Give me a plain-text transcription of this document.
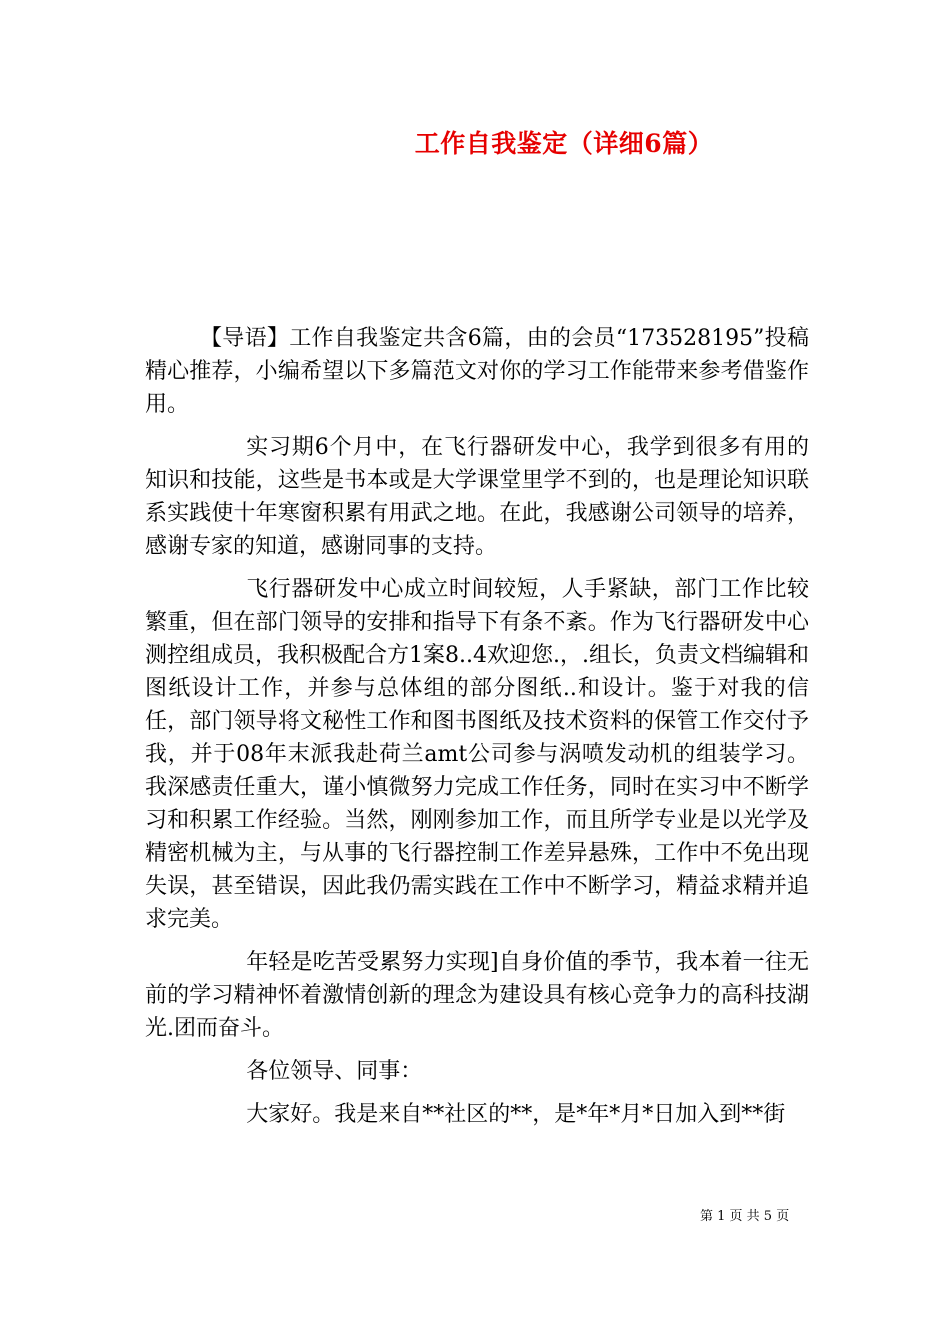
工作自我鉴定（详细6篇）

【导语】工作自我鉴定共含6篇，由的会员“173528195”投稿精心推荐，小编希望以下多篇范文对你的学习工作能带来参考借鉴作用。

实习期6个月中，在飞行器研发中心，我学到很多有用的知识和技能，这些是书本或是大学课堂里学不到的，也是理论知识联系实践使十年寒窗积累有用武之地。在此，我感谢公司领导的培养，感谢专家的知道，感谢同事的支持。

飞行器研发中心成立时间较短，人手紧缺，部门工作比较繁重，但在部门领导的安排和指导下有条不紊。作为飞行器研发中心测控组成员，我积极配合方1案8..4欢迎您.，.组长，负责文档编辑和图纸设计工作，并参与总体组的部分图纸..和设计。鉴于对我的信任，部门领导将文秘性工作和图书图纸及技术资料的保管工作交付予我，并于08年末派我赴荷兰amt公司参与涡喷发动机的组装学习。我深感责任重大，谨小慎微努力完成工作任务，同时在实习中不断学习和积累工作经验。当然，刚刚参加工作，而且所学专业是以光学及精密机械为主，与从事的飞行器控制工作差异悬殊，工作中不免出现失误，甚至错误，因此我仍需实践在工作中不断学习，精益求精并追求完美。

年轻是吃苦受累努力实现]自身价值的季节，我本着一往无前的学习精神怀着激情创新的理念为建设具有核心竞争力的高科技湖光.团而奋斗。

各位领导、同事：

大家好。我是来自**社区的**，是*年*月*日加入到**街

第 1 页 共 5 页
